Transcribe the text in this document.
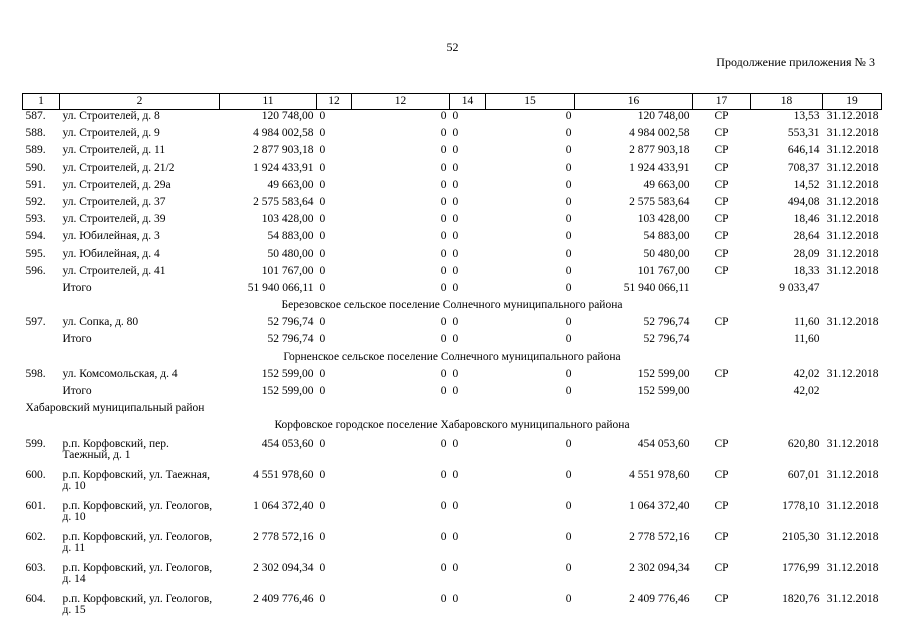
52
Продолжение приложения № 3
1	2	11	12	12	14	15	16	17	18	19
587.	ул. Строителей, д. 8	120 748,00	0	0	0	0	120 748,00	СР	13,53	31.12.2018
588.	ул. Строителей, д. 9	4 984 002,58	0	0	0	0	4 984 002,58	СР	553,31	31.12.2018
589.	ул. Строителей, д. 11	2 877 903,18	0	0	0	0	2 877 903,18	СР	646,14	31.12.2018
590.	ул. Строителей, д. 21/2	1 924 433,91	0	0	0	0	1 924 433,91	СР	708,37	31.12.2018
591.	ул. Строителей, д. 29а	49 663,00	0	0	0	0	49 663,00	СР	14,52	31.12.2018
592.	ул. Строителей, д. 37	2 575 583,64	0	0	0	0	2 575 583,64	СР	494,08	31.12.2018
593.	ул. Строителей, д. 39	103 428,00	0	0	0	0	103 428,00	СР	18,46	31.12.2018
594.	ул. Юбилейная, д. 3	54 883,00	0	0	0	0	54 883,00	СР	28,64	31.12.2018
595.	ул. Юбилейная, д. 4	50 480,00	0	0	0	0	50 480,00	СР	28,09	31.12.2018
596.	ул. Строителей, д. 41	101 767,00	0	0	0	0	101 767,00	СР	18,33	31.12.2018
	Итого	51 940 066,11	0	0	0	0	51 940 066,11		9 033,47	
Березовское сельское поселение Солнечного муниципального района										
597.	ул. Сопка, д. 80	52 796,74	0	0	0	0	52 796,74	СР	11,60	31.12.2018
	Итого	52 796,74	0	0	0	0	52 796,74		11,60	
Горненское сельское поселение Солнечного муниципального района										
598.	ул. Комсомольская, д. 4	152 599,00	0	0	0	0	152 599,00	СР	42,02	31.12.2018
	Итого	152 599,00	0	0	0	0	152 599,00		42,02	
Хабаровский муниципальный район										
Корфовское городское поселение Хабаровского муниципального района										
599.	р.п. Корфовский, пер. Таежный, д. 1	454 053,60	0	0	0	0	454 053,60	СР	620,80	31.12.2018
600.	р.п. Корфовский, ул. Таежная, д. 10	4 551 978,60	0	0	0	0	4 551 978,60	СР	607,01	31.12.2018
601.	р.п. Корфовский, ул. Геологов, д. 10	1 064 372,40	0	0	0	0	1 064 372,40	СР	1778,10	31.12.2018
602.	р.п. Корфовский, ул. Геологов, д. 11	2 778 572,16	0	0	0	0	2 778 572,16	СР	2105,30	31.12.2018
603.	р.п. Корфовский, ул. Геологов, д. 14	2 302 094,34	0	0	0	0	2 302 094,34	СР	1776,99	31.12.2018
604.	р.п. Корфовский, ул. Геологов, д. 15	2 409 776,46	0	0	0	0	2 409 776,46	СР	1820,76	31.12.2018
